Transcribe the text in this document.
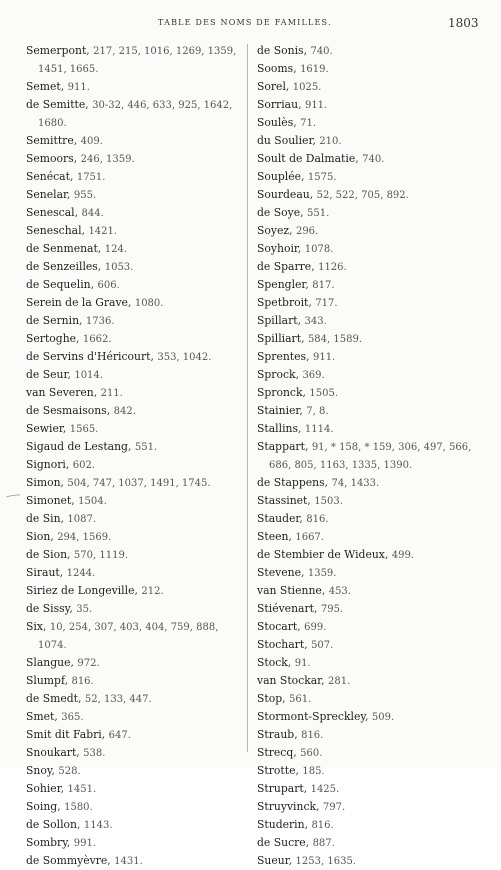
TABLE DES NOMS DE FAMILLES.	1803

Semerpont, 217, 215, 1016, 1269, 1359, 1451, 1665.

Semet, 911.

de Semitte, 30-32, 446, 633, 925, 1642, 1680.

Semittre, 409.

Semoors, 246, 1359.

Senécat, 1751.

Senelar, 955.

Senescal, 844.

Seneschal, 1421.

de Senmenat, 124.

de Senzeilles, 1053.

de Sequelin, 606.

Serein de la Grave, 1080.

de Sernin, 1736.

Sertoghe, 1662.

de Servins d'Héricourt, 353, 1042.

de Seur, 1014.

van Severen, 211.

de Sesmaisons, 842.

Sewier, 1565.

Sigaud de Lestang, 551.

Signori, 602.

Simon, 504, 747, 1037, 1491, 1745.

Simonet, 1504.

de Sin, 1087.

Sion, 294, 1569.

de Sion, 570, 1119.

Siraut, 1244.

Siriez de Longeville, 212.

de Sissy, 35.

Six, 10, 254, 307, 403, 404, 759, 888, 1074.

Slangue, 972.

Slumpf, 816.

de Smedt, 52, 133, 447.

Smet, 365.

Smit dit Fabri, 647.

Snoukart, 538.

Snoy, 528.

Sohier, 1451.

Soing, 1580.

de Sollon, 1143.

Sombry, 991.

de Sommyèvre, 1431.

de Sonis, 740.

Sooms, 1619.

Sorel, 1025.

Sorriau, 911.

Soulès, 71.

du Soulier, 210.

Soult de Dalmatie, 740.

Souplée, 1575.

Sourdeau, 52, 522, 705, 892.

de Soye, 551.

Soyez, 296.

Soyhoir, 1078.

de Sparre, 1126.

Spengler, 817.

Spetbroit, 717.

Spillart, 343.

Spilliart, 584, 1589.

Sprentes, 911.

Sprock, 369.

Spronck, 1505.

Stainier, 7, 8.

Stallins, 1114.

Stappart, 91, * 158, * 159, 306, 497, 566, 686, 805, 1163, 1335, 1390.

de Stappens, 74, 1433.

Stassinet, 1503.

Stauder, 816.

Steen, 1667.

de Stembier de Wideux, 499.

Stevene, 1359.

van Stienne, 453.

Stiévenart, 795.

Stocart, 699.

Stochart, 507.

Stock, 91.

van Stockar, 281.

Stop, 561.

Stormont-Spreckley, 509.

Straub, 816.

Strecq, 560.

Strotte, 185.

Strupart, 1425.

Struyvinck, 797.

Studerin, 816.

de Sucre, 887.

Sueur, 1253, 1635.
